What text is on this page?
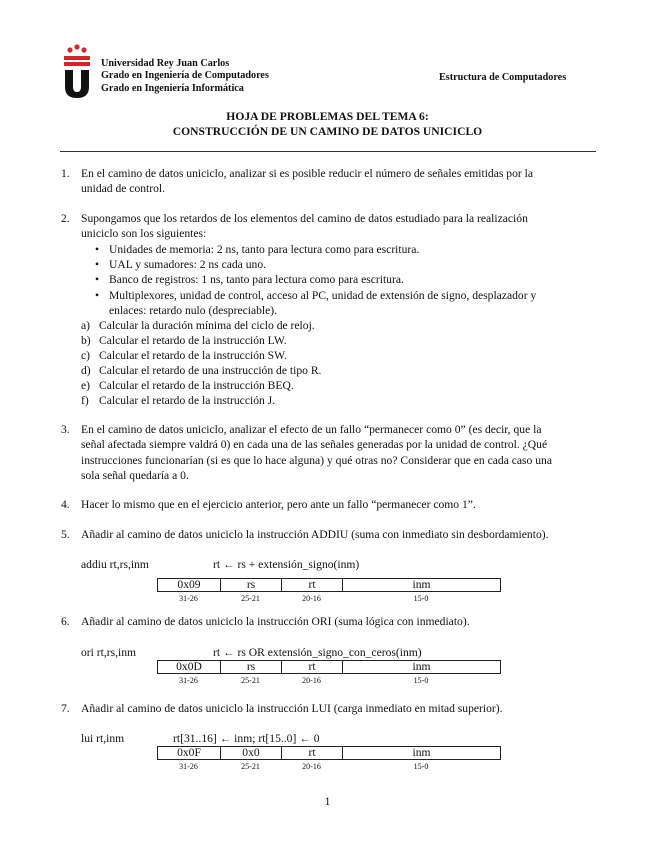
Universidad Rey Juan Carlos
Grado en Ingeniería de Computadores
Grado en Ingeniería Informática
Estructura de Computadores
HOJA DE PROBLEMAS DEL TEMA 6:
CONSTRUCCIÓN DE UN CAMINO DE DATOS UNICICLO
1. En el camino de datos uniciclo, analizar si es posible reducir el número de señales emitidas por la
unidad de control.
2. Supongamos que los retardos de los elementos del camino de datos estudiado para la realización
uniciclo son los siguientes:
• Unidades de memoria: 2 ns, tanto para lectura como para escritura.
• UAL y sumadores: 2 ns cada uno.
• Banco de registros: 1 ns, tanto para lectura como para escritura.
• Multiplexores, unidad de control, acceso al PC, unidad de extensión de signo, desplazador y
enlaces: retardo nulo (despreciable).
a) Calcular la duración mínima del ciclo de reloj.
b) Calcular el retardo de la instrucción LW.
c) Calcular el retardo de la instrucción SW.
d) Calcular el retardo de una instrucción de tipo R.
e) Calcular el retardo de la instrucción BEQ.
f) Calcular el retardo de la instrucción J.
3. En el camino de datos uniciclo, analizar el efecto de un fallo “permanecer como 0” (es decir, que la
señal afectada siempre valdrá 0) en cada una de las señales generadas por la unidad de control. ¿Qué
instrucciones funcionarían (si es que lo hace alguna) y qué otras no? Considerar que en cada caso una
sola señal quedaría a 0.
4. Hacer lo mismo que en el ejercicio anterior, pero ante un fallo “permanecer como 1”.
5. Añadir al camino de datos uniciclo la instrucción ADDIU (suma con inmediato sin desbordamiento).
addiu rt,rs,inm	rt ← rs + extensión_signo(inm)
0x09	rs	rt	inm
31-26	25-21	20-16	15-0
6. Añadir al camino de datos uniciclo la instrucción ORI (suma lógica con inmediato).
ori rt,rs,inm	rt ← rs OR extensión_signo_con_ceros(inm)
0x0D	rs	rt	inm
31-26	25-21	20-16	15-0
7. Añadir al camino de datos uniciclo la instrucción LUI (carga inmediato en mitad superior).
lui rt,inm	rt[31..16] ← inm; rt[15..0] ← 0
0x0F	0x0	rt	inm
31-26	25-21	20-16	15-0
1
